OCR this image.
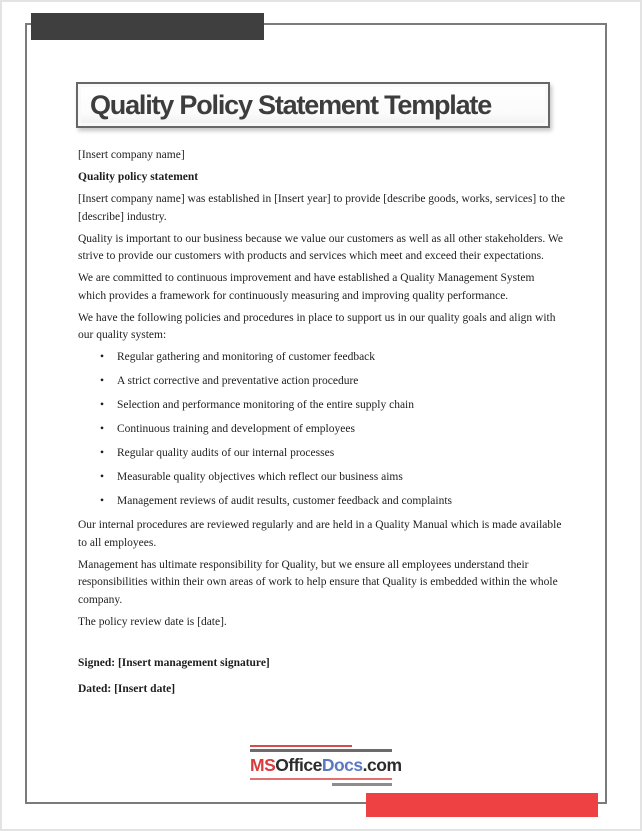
Quality Policy Statement Template

[Insert company name]

Quality policy statement

[Insert company name] was established in [Insert year] to provide [describe goods, works, services] to the [describe] industry.

Quality is important to our business because we value our customers as well as all other stakeholders. We strive to provide our customers with products and services which meet and exceed their expectations.

We are committed to continuous improvement and have established a Quality Management System which provides a framework for continuously measuring and improving quality performance.

We have the following policies and procedures in place to support us in our quality goals and align with our quality system:

• Regular gathering and monitoring of customer feedback
• A strict corrective and preventative action procedure
• Selection and performance monitoring of the entire supply chain
• Continuous training and development of employees
• Regular quality audits of our internal processes
• Measurable quality objectives which reflect our business aims
• Management reviews of audit results, customer feedback and complaints

Our internal procedures are reviewed regularly and are held in a Quality Manual which is made available to all employees.

Management has ultimate responsibility for Quality, but we ensure all employees understand their responsibilities within their own areas of work to help ensure that Quality is embedded within the whole company.

The policy review date is [date].

Signed: [Insert management signature]

Dated: [Insert date]

MSOfficeDocs.com
